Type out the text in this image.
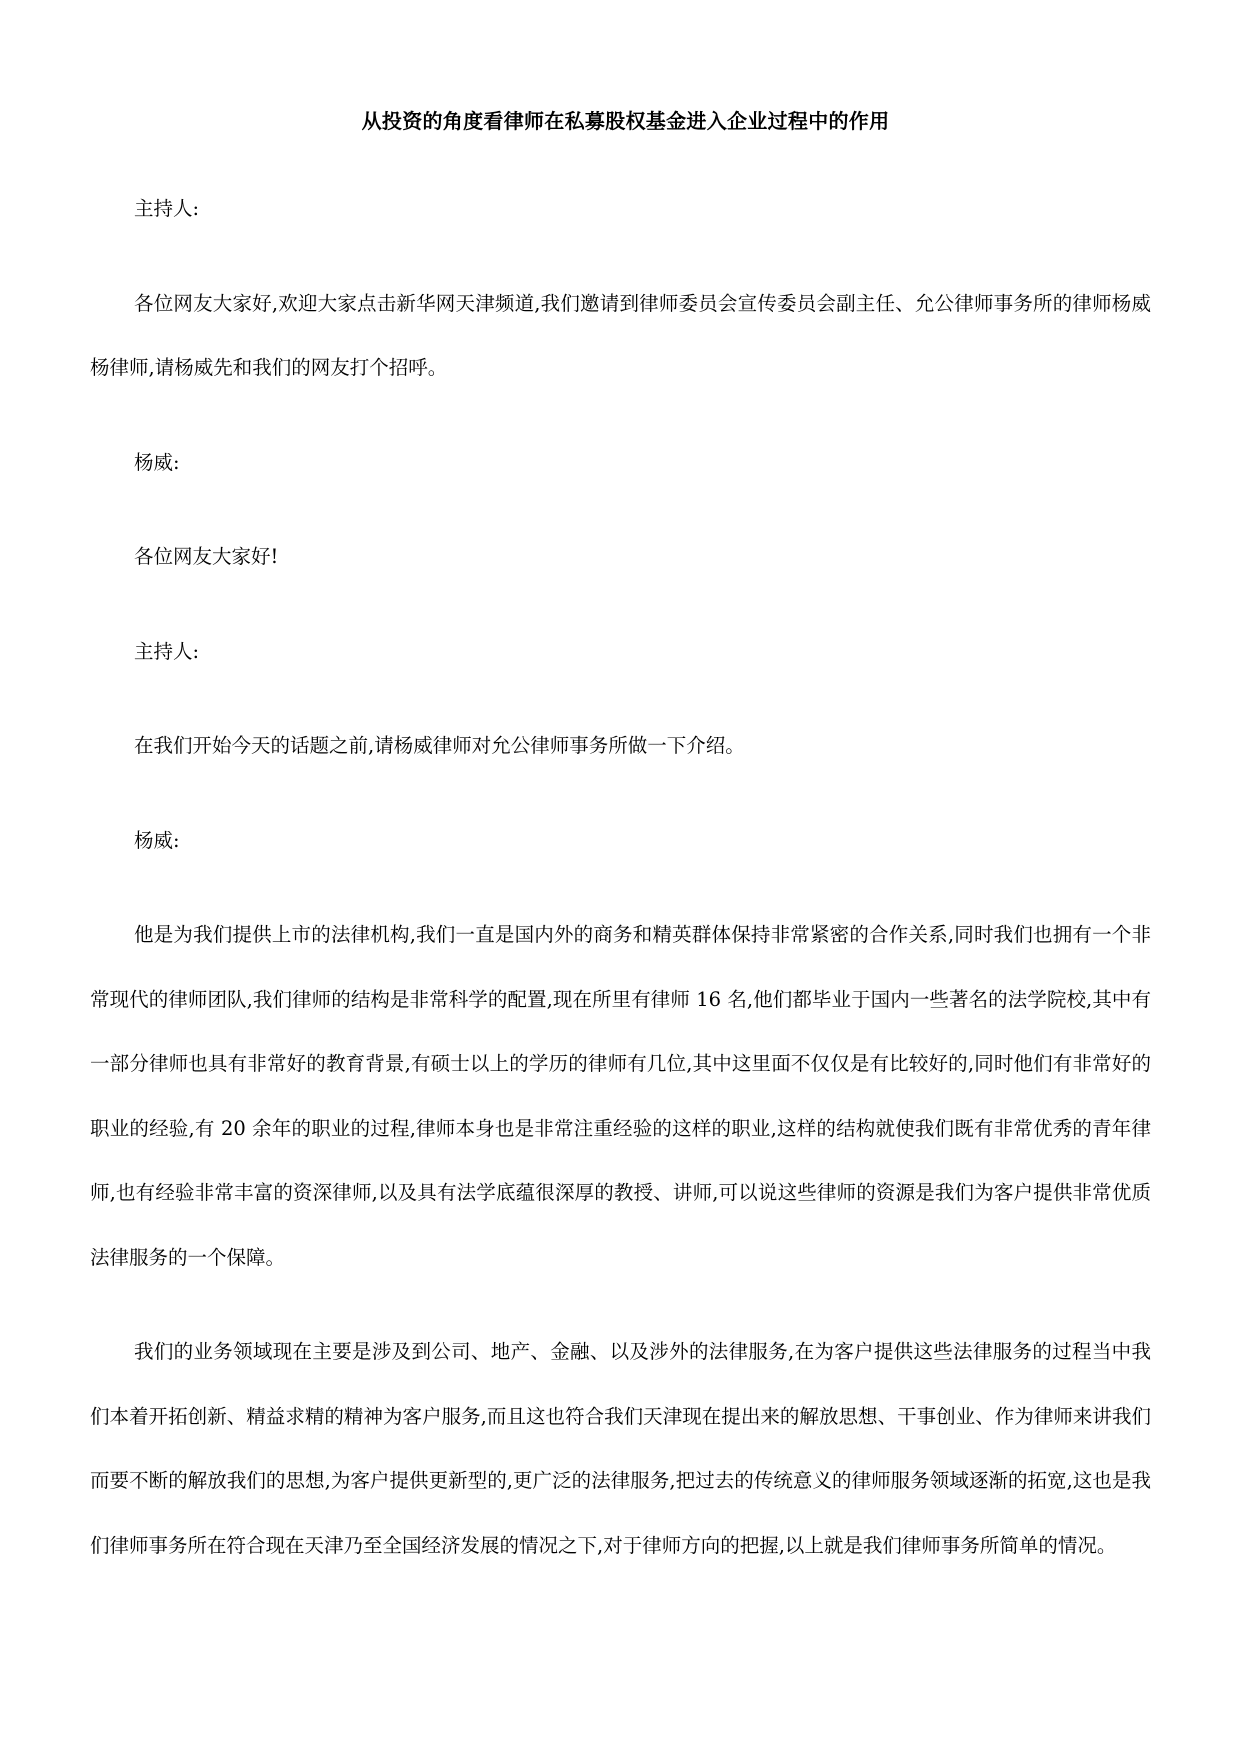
从投资的角度看律师在私募股权基金进入企业过程中的作用

主持人:

各位网友大家好,欢迎大家点击新华网天津频道,我们邀请到律师委员会宣传委员会副主任、允公律师事务所的律师杨威杨律师,请杨威先和我们的网友打个招呼。

杨威:

各位网友大家好!

主持人:

在我们开始今天的话题之前,请杨威律师对允公律师事务所做一下介绍。

杨威:

他是为我们提供上市的法律机构,我们一直是国内外的商务和精英群体保持非常紧密的合作关系,同时我们也拥有一个非常现代的律师团队,我们律师的结构是非常科学的配置,现在所里有律师 16 名,他们都毕业于国内一些著名的法学院校,其中有一部分律师也具有非常好的教育背景,有硕士以上的学历的律师有几位,其中这里面不仅仅是有比较好的,同时他们有非常好的职业的经验,有 20 余年的职业的过程,律师本身也是非常注重经验的这样的职业,这样的结构就使我们既有非常优秀的青年律师,也有经验非常丰富的资深律师,以及具有法学底蕴很深厚的教授、讲师,可以说这些律师的资源是我们为客户提供非常优质法律服务的一个保障。

我们的业务领域现在主要是涉及到公司、地产、金融、以及涉外的法律服务,在为客户提供这些法律服务的过程当中我们本着开拓创新、精益求精的精神为客户服务,而且这也符合我们天津现在提出来的解放思想、干事创业、作为律师来讲我们而要不断的解放我们的思想,为客户提供更新型的,更广泛的法律服务,把过去的传统意义的律师服务领域逐渐的拓宽,这也是我们律师事务所在符合现在天津乃至全国经济发展的情况之下,对于律师方向的把握,以上就是我们律师事务所简单的情况。
